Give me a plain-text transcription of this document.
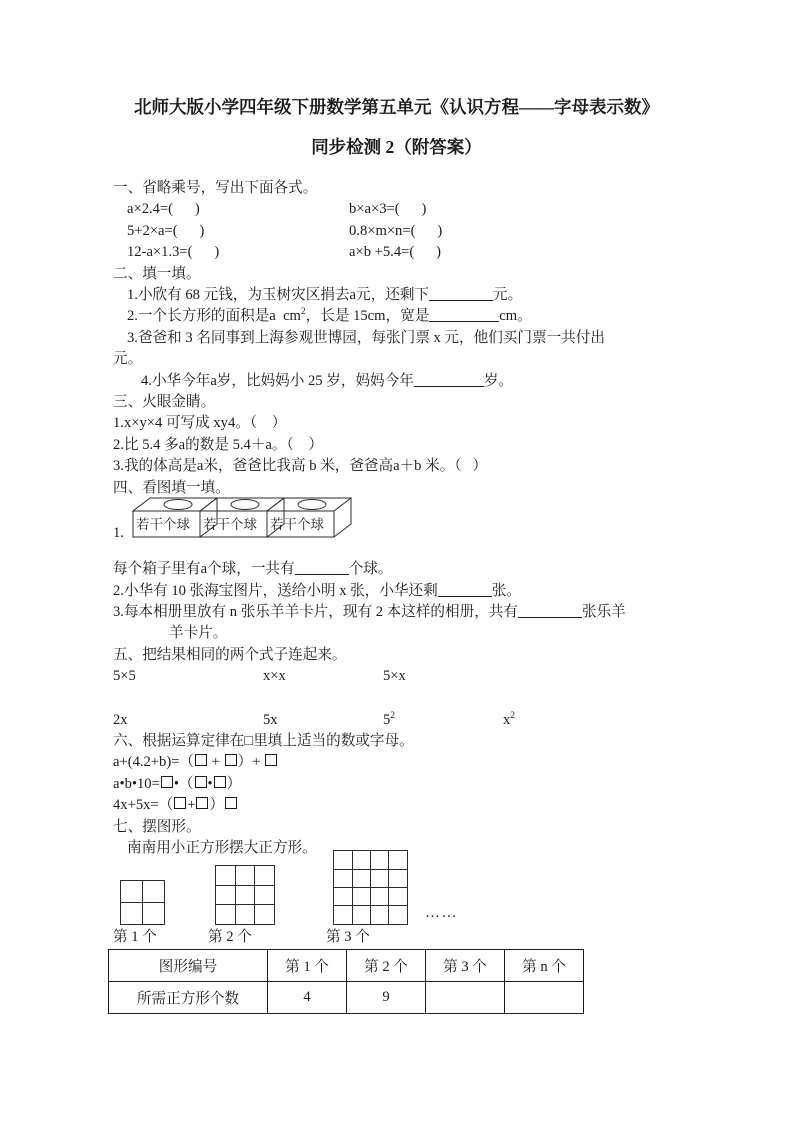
北师大版小学四年级下册数学第五单元《认识方程——字母表示数》
同步检测 2（附答案）
一、省略乘号，写出下面各式。
a×2.4=(      )	b×a×3=(      )
5+2×a=(      )	0.8×m×n=(      )
12-a×1.3=(      )	a×b +5.4=(      )
二、填一填。
1.小欣有 68 元钱，为玉树灾区捐去a元，还剩下	元。
2.一个长方形的面积是a  $cm^2$，长是 15cm，宽是	cm。
3.爸爸和 3 名同事到上海参观世博园，每张门票 x 元，他们买门票一共付出
元。
4.小华今年a岁，比妈妈小 25 岁，妈妈今年	岁。
三、火眼金睛。
1.x×y×4 可写成 xy4。（    ）
2.比 5.4 多a的数是 5.4＋a。（    ）
3.我的体高是a米，爸爸比我高 b 米，爸爸高a＋b 米。（   ）
四、看图填一填。
每个箱子里有a个球，一共有	个球。
2.小华有 10 张海宝图片，送给小明 x 张，小华还剩	张。
3.每本相册里放有 n 张乐羊羊卡片，现有 2 本这样的相册，共有	张乐羊
羊卡片。
五、把结果相同的两个式子连起来。
5×5	x×x	5×x
2x	5x	$5^2$	$x^2$
六、根据运算定律在□里填上适当的数或字母。
a+(4.2+b)=（ + ）+
a•b•10= •（ • ）
4x+5x=（ + ）
七、摆图形。
南南用小正方形摆大正方形。
1.
若干个球 若干个球 若干个球
……
第 1 个	第 2 个	第 3 个
图形编号	第 1 个	第 2 个	第 3 个	第 n 个
所需正方形个数	4	9		
